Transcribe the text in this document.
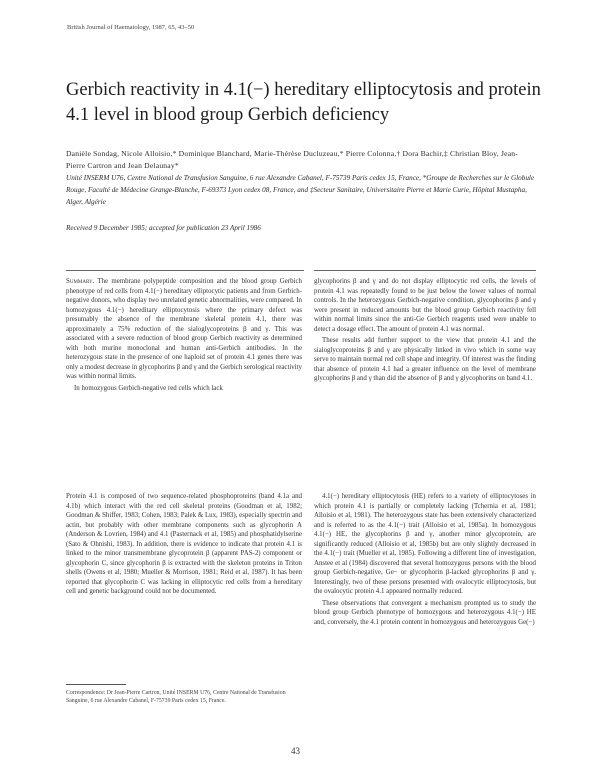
British Journal of Haematology, 1987, 65, 43–50
Gerbich reactivity in 4.1(−) hereditary elliptocytosis and protein 4.1 level in blood group Gerbich deficiency
Danièle Sondag, Nicole Alloisio,* Dominique Blanchard, Marie-Thérèse Ducluzeau,* Pierre Colonna,† Dora Bachir,‡ Christian Bloy, Jean-Pierre Cartron and Jean Delaunay*
Unité INSERM U76, Centre National de Transfusion Sanguine, 6 rue Alexandre Cabanel, F-75739 Paris cedex 15, France, *Groupe de Recherches sur le Globule Rouge, Faculté de Médecine Grange-Blanche, F-69373 Lyon cedex 08, France, and ‡Secteur Sanitaire, Universitaire Pierre et Marie Curie, Hôpital Mustapha, Alger, Algérie
Received 9 December 1985; accepted for publication 23 April 1986

Summary. The membrane polypeptide composition and the blood group Gerbich phenotype of red cells from 4.1(−) hereditary elliptocytic patients and from Gerbich-negative donors, who display two unrelated genetic abnormalities, were compared. In homozygous 4.1(−) hereditary elliptocytosis where the primary defect was presumably the absence of the membrane skeletal protein 4.1, there was approximately a 75% reduction of the sialoglycoproteins β and γ. This was associated with a severe reduction of blood group Gerbich reactivity as determined with both murine monoclonal and human anti-Gerbich antibodies. In the heterozygous state in the presence of one haploid set of protein 4.1 genes there was only a modest decrease in glycophorins β and γ and the Gerbich serological reactivity was within normal limits.

In homozygous Gerbich-negative red cells which lack

glycophorins β and γ and do not display elliptocytic red cells, the levels of protein 4.1 was repeatedly found to be just below the lower values of normal controls. In the heterozygous Gerbich-negative condition, glycophorins β and γ were present in reduced amounts but the blood group Gerbich reactivity fell within normal limits since the anti-Ge Gerbich reagents used were unable to detect a dosage effect. The amount of protein 4.1 was normal.

These results add further support to the view that protein 4.1 and the sialoglycoproteins β and γ are physically linked in vivo which in some way serve to maintain normal red cell shape and integrity. Of interest was the finding that absence of protein 4.1 had a greater influence on the level of membrane glycophorins β and γ than did the absence of β and γ glycophorins on band 4.1.

Protein 4.1 is composed of two sequence-related phosphoproteins (band 4.1a and 4.1b) which interact with the red cell skeletal proteins (Goodman et al, 1982; Goodman & Shiffer, 1983; Cohen, 1983; Palek & Lux, 1983), especially spectrin and actin, but probably with other membrane components such as glycophorin A (Anderson & Lovrien, 1984) and 4.1 (Pasternack et al, 1985) and phosphatidylserine (Sato & Ohnishi, 1983). In addition, there is evidence to indicate that protein 4.1 is linked to the minor transmembrane glycoprotein β (apparent PAS-2) component or glycophorin C, since glycophorin β is extracted with the skeleton proteins in Triton shells (Owens et al, 1980; Mueller & Morrison, 1981; Reid et al, 1987). It has been reported that glycophorin C was lacking in elliptocytic red cells from a hereditary cell and genetic background could not be documented.

4.1(−) hereditary elliptocytosis (HE) refers to a variety of elliptocytoses in which protein 4.1 is partially or completely lacking (Tchernia et al, 1981; Alloisio et al, 1981). The heterozygous state has been extensively characterized and is referred to as the 4.1(−) trait (Alloisio et al, 1985a). In homozygous 4.1(−) HE, the glycophorins β and γ, another minor glycoprotein, are significantly reduced (Alloisio et al, 1985b) but are only slightly decreased in the 4.1(−) trait (Mueller et al, 1985). Following a different line of investigation, Anstee et al (1984) discovered that several homozygous persons with the blood group Gerbich-negative, Ge− or glycophorin β-lacked glycophorins β and γ. Interestingly, two of these persons presented with ovalocytic elliptocytosis, but the ovalocytic protein 4.1 appeared normally reduced.

These observations that convergent a mechanism prompted us to study the blood group Gerbich phenotype of homozygous and heterozygous 4.1(−) HE and, conversely, the 4.1 protein content in homozygous and heterozygous Ge(−)

Correspondence: Dr Jean-Pierre Cartron, Unité INSERM U76, Centre National de Transfusion Sanguine, 6 rue Alexandre Cabanel, F-75739 Paris cedex 15, France.
43
